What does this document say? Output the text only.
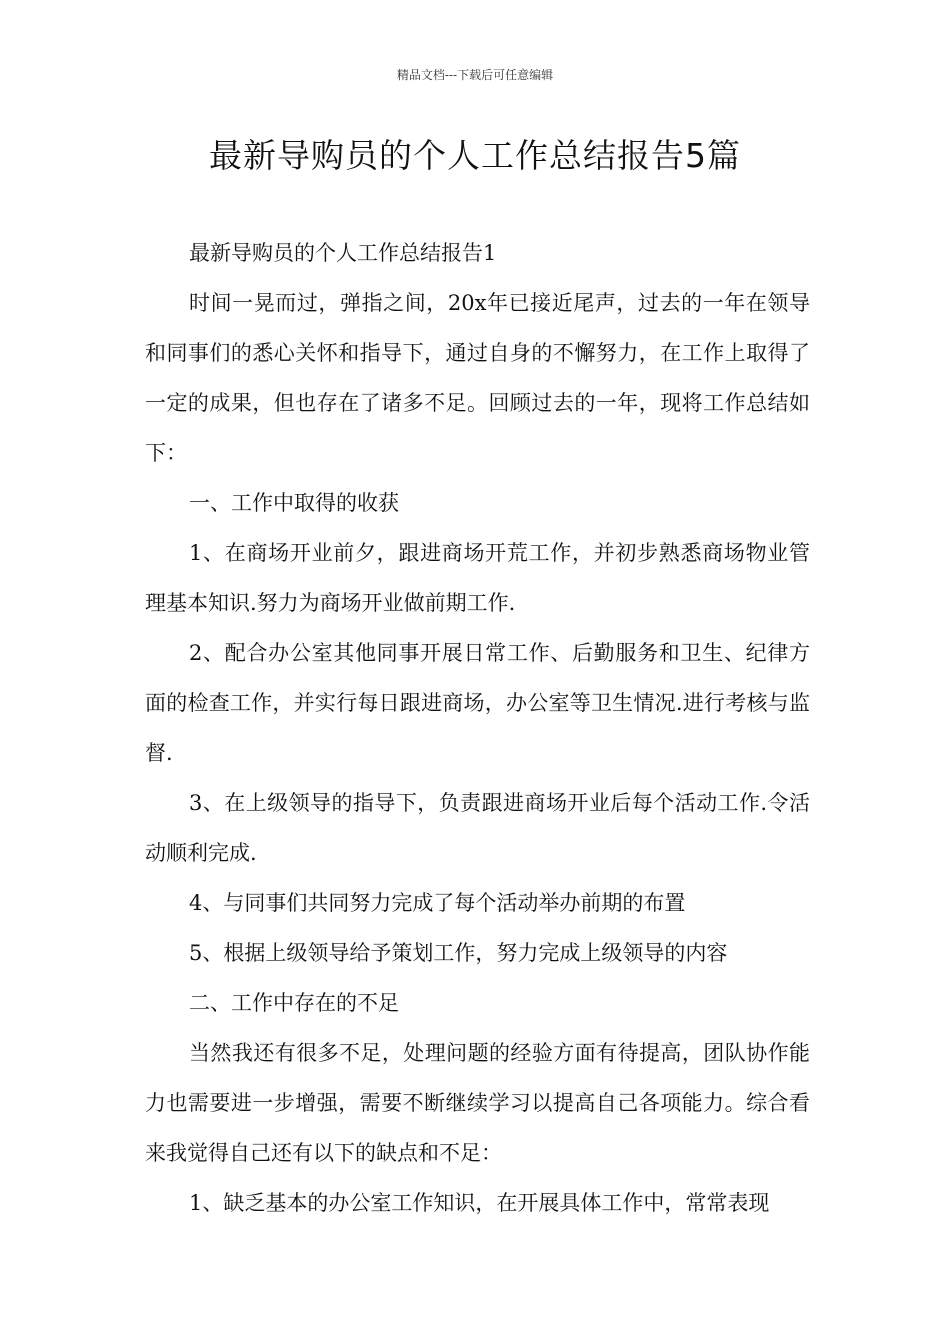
精品文档---下载后可任意编辑
最新导购员的个人工作总结报告5篇

最新导购员的个人工作总结报告1

时间一晃而过，弹指之间，20x年已接近尾声，过去的一年在领导和同事们的悉心关怀和指导下，通过自身的不懈努力，在工作上取得了一定的成果，但也存在了诸多不足。回顾过去的一年，现将工作总结如下：

一、工作中取得的收获

1、在商场开业前夕，跟进商场开荒工作，并初步熟悉商场物业管理基本知识.努力为商场开业做前期工作.

2、配合办公室其他同事开展日常工作、后勤服务和卫生、纪律方面的检查工作，并实行每日跟进商场，办公室等卫生情况.进行考核与监督.

3、在上级领导的指导下，负责跟进商场开业后每个活动工作.令活动顺利完成.

4、与同事们共同努力完成了每个活动举办前期的布置

5、根据上级领导给予策划工作，努力完成上级领导的内容

二、工作中存在的不足

当然我还有很多不足，处理问题的经验方面有待提高，团队协作能力也需要进一步增强，需要不断继续学习以提高自己各项能力。综合看来我觉得自己还有以下的缺点和不足：

1、缺乏基本的办公室工作知识，在开展具体工作中，常常表现
